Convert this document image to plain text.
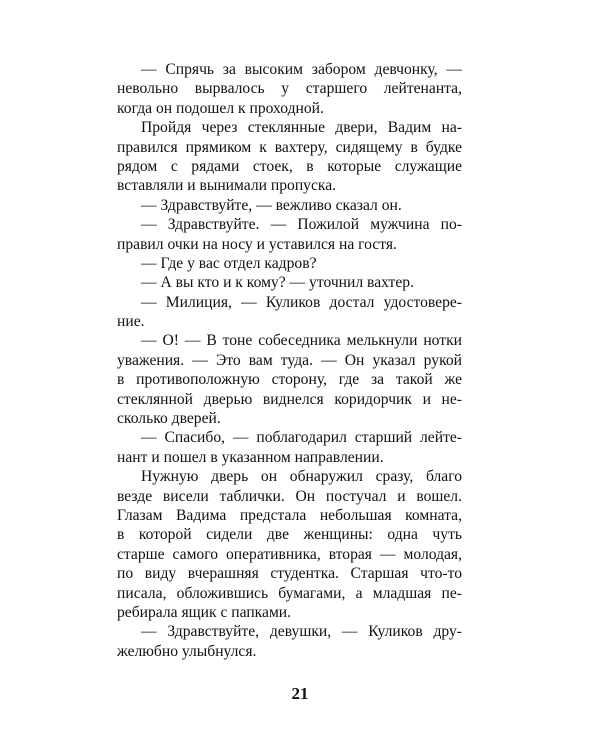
— Спрячь за высоким забором девчонку, —
невольно вырвалось у старшего лейтенанта,
когда он подошел к проходной.
Пройдя через стеклянные двери, Вадим на-
правился прямиком к вахтеру, сидящему в будке
рядом с рядами стоек, в которые служащие
вставляли и вынимали пропуска.
— Здравствуйте, — вежливо сказал он.
— Здравствуйте. — Пожилой мужчина по-
правил очки на носу и уставился на гостя.
— Где у вас отдел кадров?
— А вы кто и к кому? — уточнил вахтер.
— Милиция, — Куликов достал удостовере-
ние.
— О! — В тоне собеседника мелькнули нотки
уважения. — Это вам туда. — Он указал рукой
в противоположную сторону, где за такой же
стеклянной дверью виднелся коридорчик и не-
сколько дверей.
— Спасибо, — поблагодарил старший лейте-
нант и пошел в указанном направлении.
Нужную дверь он обнаружил сразу, благо
везде висели таблички. Он постучал и вошел.
Глазам Вадима предстала небольшая комната,
в которой сидели две женщины: одна чуть
старше самого оперативника, вторая — молодая,
по виду вчерашняя студентка. Старшая что-то
писала, обложившись бумагами, а младшая пе-
ребирала ящик с папками.
— Здравствуйте, девушки, — Куликов дру-
желюбно улыбнулся.
21
